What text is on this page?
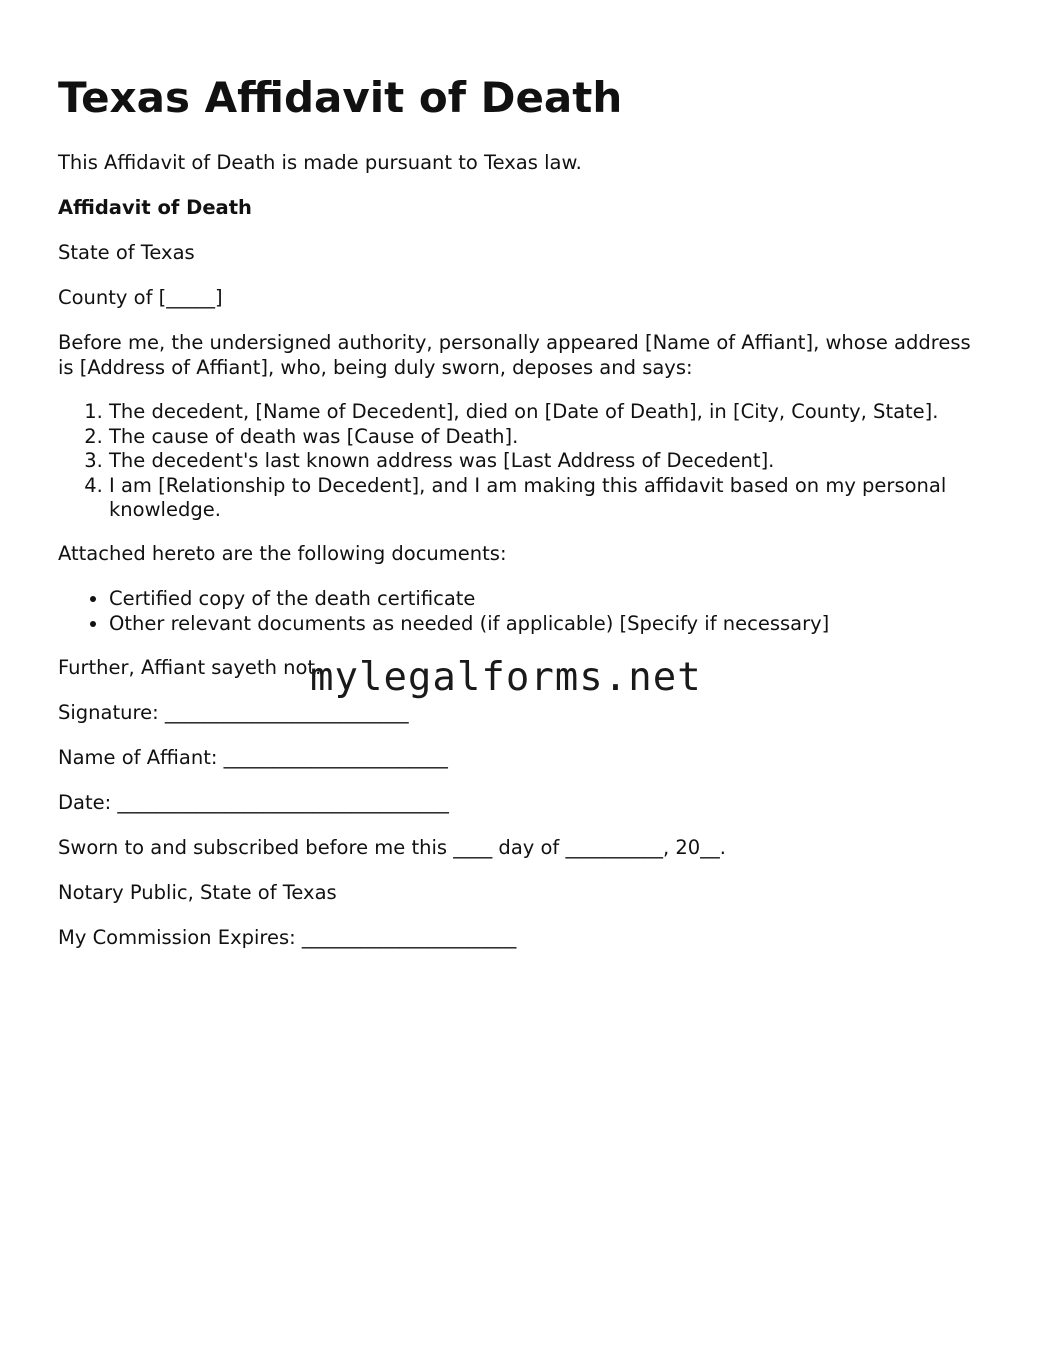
Texas Affidavit of Death

This Affidavit of Death is made pursuant to Texas law.

Affidavit of Death

State of Texas

County of [_____]

Before me, the undersigned authority, personally appeared [Name of Affiant], whose address is [Address of Affiant], who, being duly sworn, deposes and says:

1. The decedent, [Name of Decedent], died on [Date of Death], in [City, County, State].
2. The cause of death was [Cause of Death].
3. The decedent's last known address was [Last Address of Decedent].
4. I am [Relationship to Decedent], and I am making this affidavit based on my personal knowledge.

Attached hereto are the following documents:

• Certified copy of the death certificate
• Other relevant documents as needed (if applicable) [Specify if necessary]

Further, Affiant sayeth not.

Signature: _________________________

Name of Affiant: _______________________

Date: __________________________________

Sworn to and subscribed before me this ____ day of __________, 20__.

Notary Public, State of Texas

My Commission Expires: ______________________

mylegalforms.net
